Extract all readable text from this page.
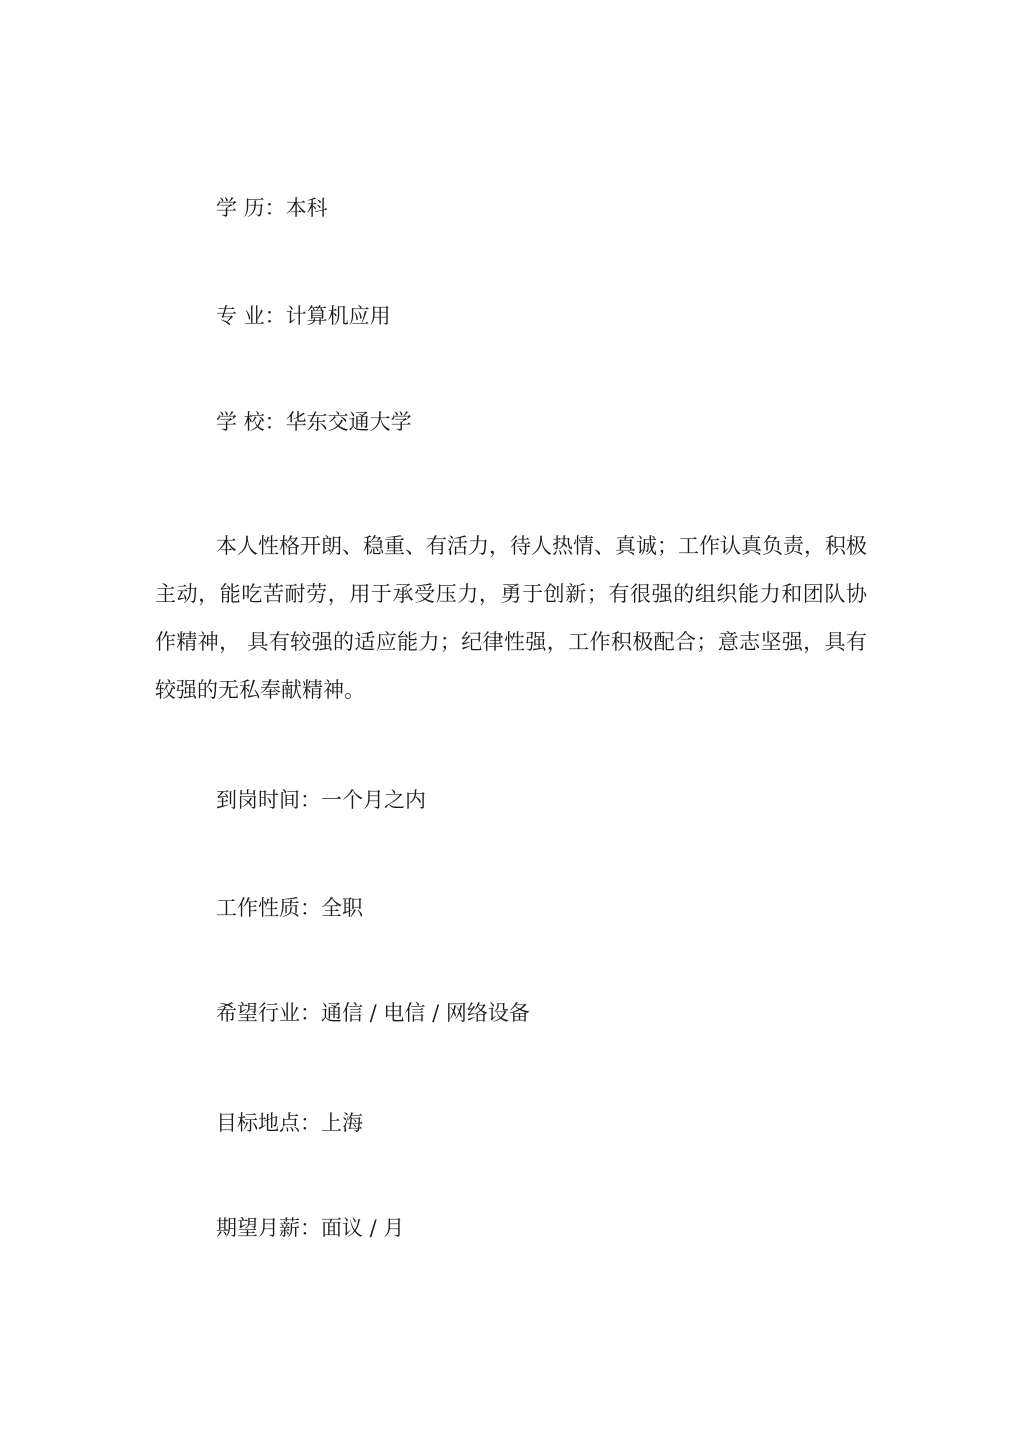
学 历：本科
专 业：计算机应用
学 校：华东交通大学
本人性格开朗、稳重、有活力，待人热情、真诚；工作认真负责，积极主动，能吃苦耐劳，用于承受压力，勇于创新；有很强的组织能力和团队协作精神， 具有较强的适应能力；纪律性强，工作积极配合；意志坚强，具有较强的无私奉献精神。
到岗时间：一个月之内
工作性质：全职
希望行业：通信 / 电信 / 网络设备
目标地点：上海
期望月薪：面议 / 月
